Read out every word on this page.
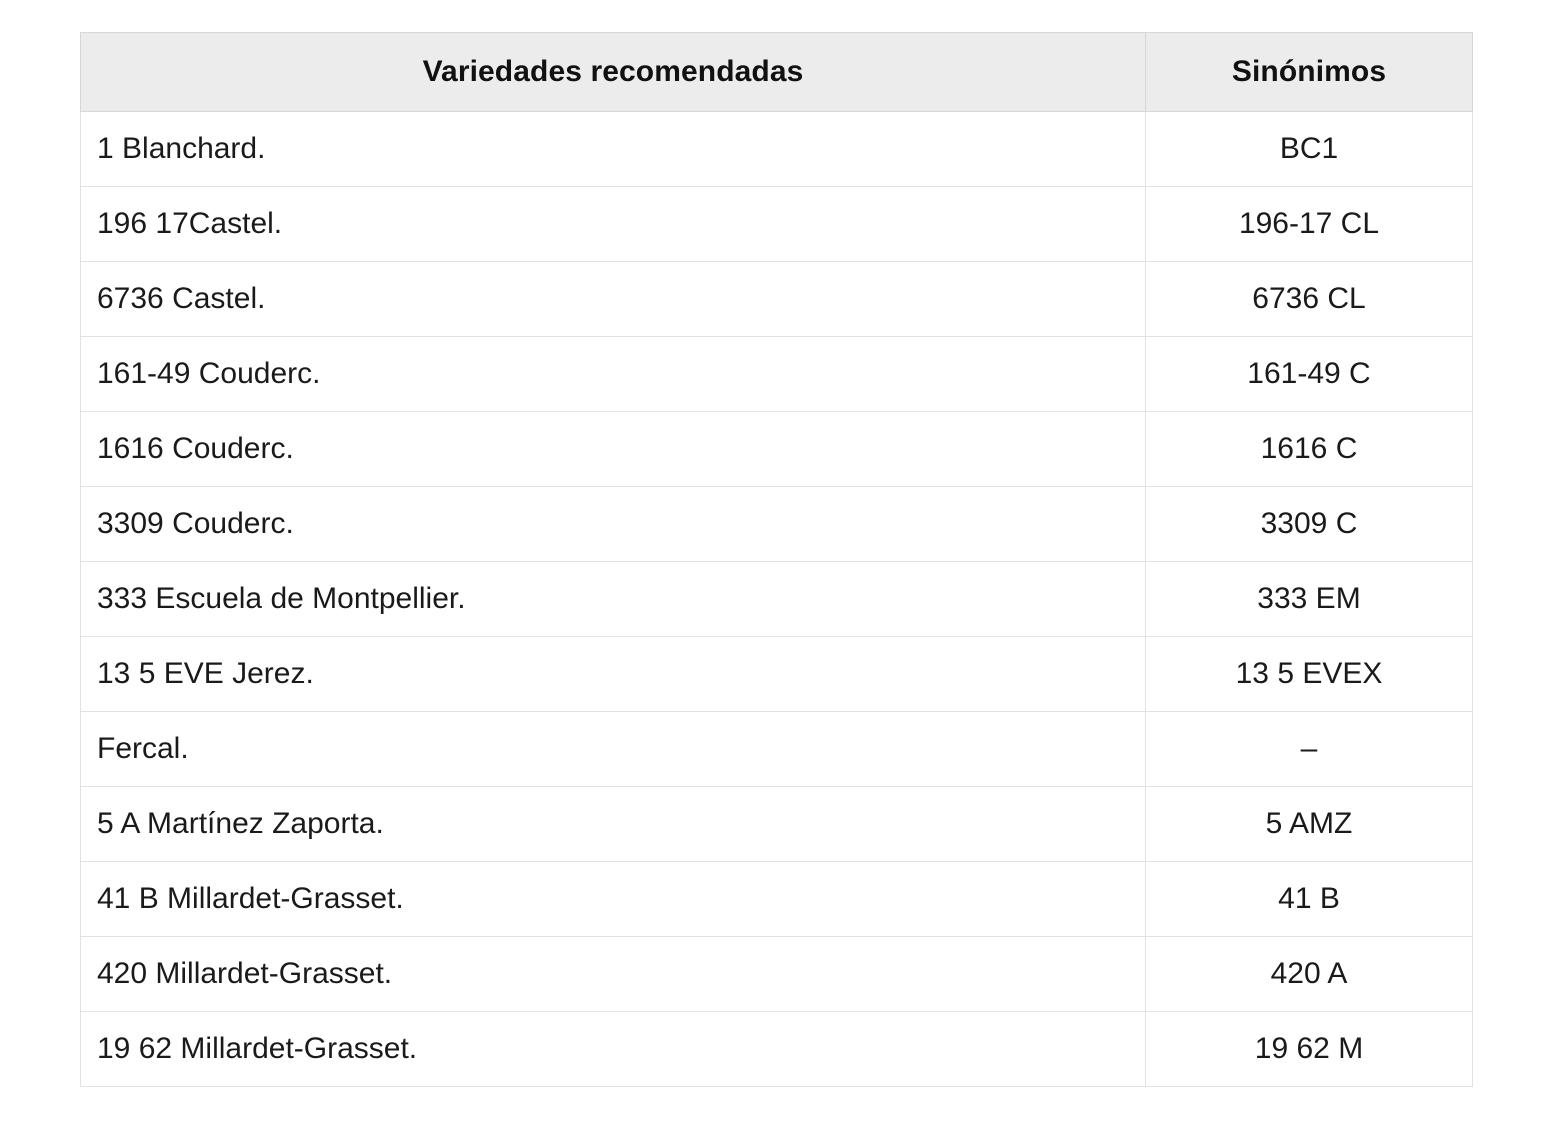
Variedades recomendadas	Sinónimos
1 Blanchard.	BC1
196 17Castel.	196-17 CL
6736 Castel.	6736 CL
161-49 Couderc.	161-49 C
1616 Couderc.	1616 C
3309 Couderc.	3309 C
333 Escuela de Montpellier.	333 EM
13 5 EVE Jerez.	13 5 EVEX
Fercal.	–
5 A Martínez Zaporta.	5 AMZ
41 B Millardet-Grasset.	41 B
420 Millardet-Grasset.	420 A
19 62 Millardet-Grasset.	19 62 M
